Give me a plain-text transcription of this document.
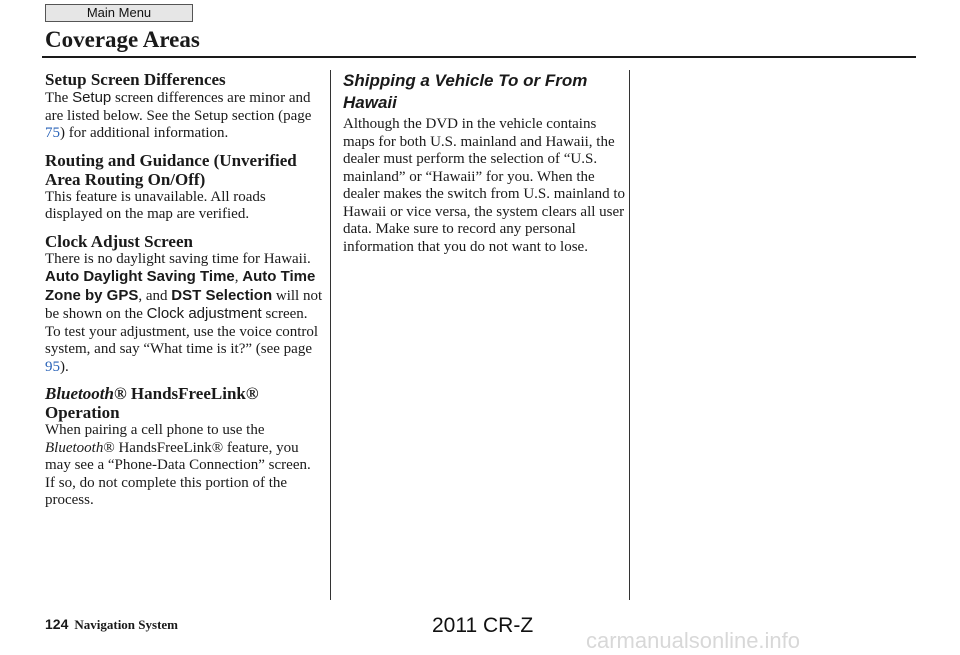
Main Menu
Coverage Areas
Setup Screen Differences

The Setup screen differences are minor and are listed below. See the Setup section (page 75) for additional information.

Routing and Guidance (Unverified Area Routing On/Off)

This feature is unavailable. All roads displayed on the map are verified.

Clock Adjust Screen

There is no daylight saving time for Hawaii. Auto Daylight Saving Time, Auto Time Zone by GPS, and DST Selection will not be shown on the Clock adjustment screen. To test your adjustment, use the voice control system, and say “What time is it?” (see page 95).

Bluetooth® HandsFreeLink® Operation

When pairing a cell phone to use the Bluetooth® HandsFreeLink® feature, you may see a “Phone-Data Connection” screen. If so, do not complete this portion of the process.

Shipping a Vehicle To or From Hawaii

Although the DVD in the vehicle contains maps for both U.S. mainland and Hawaii, the dealer must perform the selection of “U.S. mainland” or “Hawaii” for you. When the dealer makes the switch from U.S. mainland to Hawaii or vice versa, the system clears all user data. Make sure to record any personal information that you do not want to lose.

124 Navigation System	2011 CR-Z
carmanualsonline.info
